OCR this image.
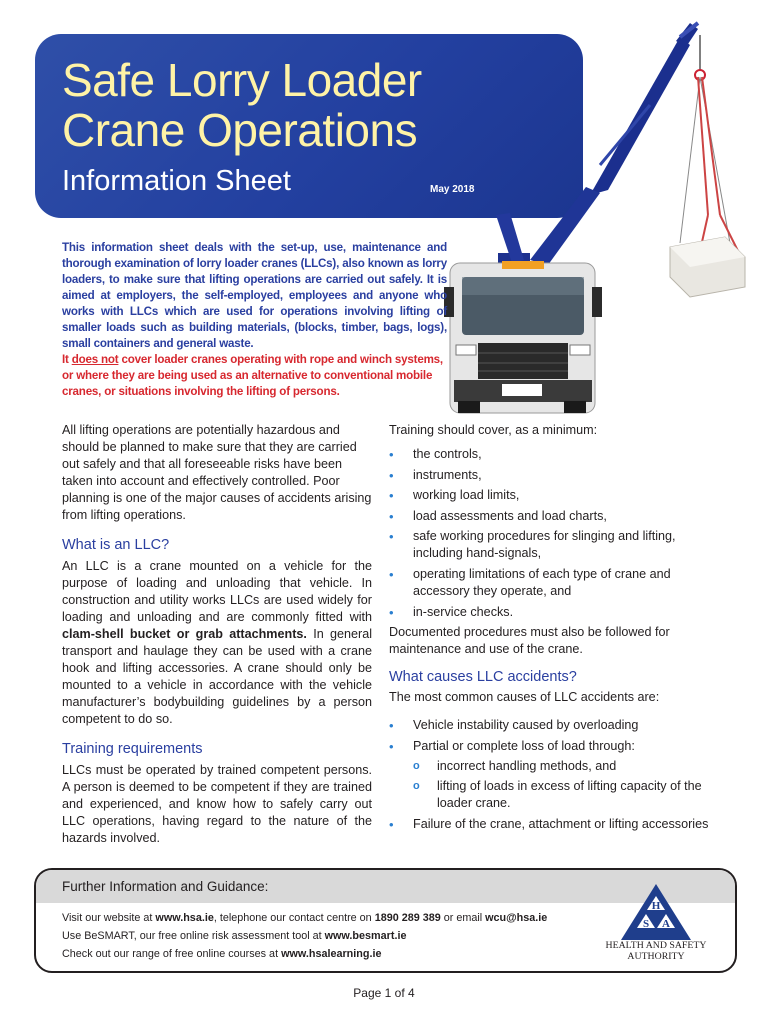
Safe Lorry Loader
Crane Operations
Information Sheet	May 2018

This information sheet deals with the set-up, use, maintenance and thorough examination of lorry loader cranes (LLCs), also known as lorry loaders, to make sure that lifting operations are carried out safely. It is aimed at employers, the self-employed, employees and anyone who works with LLCs which are used for operations involving lifting of smaller loads such as building materials, (blocks, timber, bags, logs), small containers and general waste.

It does not cover loader cranes operating with rope and winch systems, or where they are being used as an alternative to conventional mobile cranes, or situations involving the lifting of persons.

All lifting operations are potentially hazardous and should be planned to make sure that they are carried out safely and that all foreseeable risks have been taken into account and effectively controlled. Poor planning is one of the major causes of accidents arising from lifting operations.

What is an LLC?

An LLC is a crane mounted on a vehicle for the purpose of loading and unloading that vehicle. In construction and utility works LLCs are used widely for loading and unloading and are commonly fitted with clam-shell bucket or grab attachments. In general transport and haulage they can be used with a crane hook and lifting accessories. A crane should only be mounted to a vehicle in accordance with the vehicle manufacturer’s bodybuilding guidelines by a person competent to do so.

Training requirements

LLCs must be operated by trained competent persons. A person is deemed to be competent if they are trained and experienced, and know how to safely carry out LLC operations, having regard to the nature of the hazards involved.

Training should cover, as a minimum:

• the controls,
• instruments,
• working load limits,
• load assessments and load charts,
• safe working procedures for slinging and lifting, including hand-signals,
• operating limitations of each type of crane and accessory they operate, and
• in-service checks.

Documented procedures must also be followed for maintenance and use of the crane.

What causes LLC accidents?

The most common causes of LLC accidents are:

• Vehicle instability caused by overloading
• Partial or complete loss of load through:
o incorrect handling methods, and
o lifting of loads in excess of lifting capacity of the loader crane.
• Failure of the crane, attachment or lifting accessories
Further Information and Guidance:
Visit our website at www.hsa.ie, telephone our contact centre on 1890 289 389 or email wcu@hsa.ie
Use BeSMART, our free online risk assessment tool at www.besmart.ie
Check out our range of free online courses at www.hsalearning.ie
H
S A
HEALTH AND SAFETY
AUTHORITY
Page 1 of 4
